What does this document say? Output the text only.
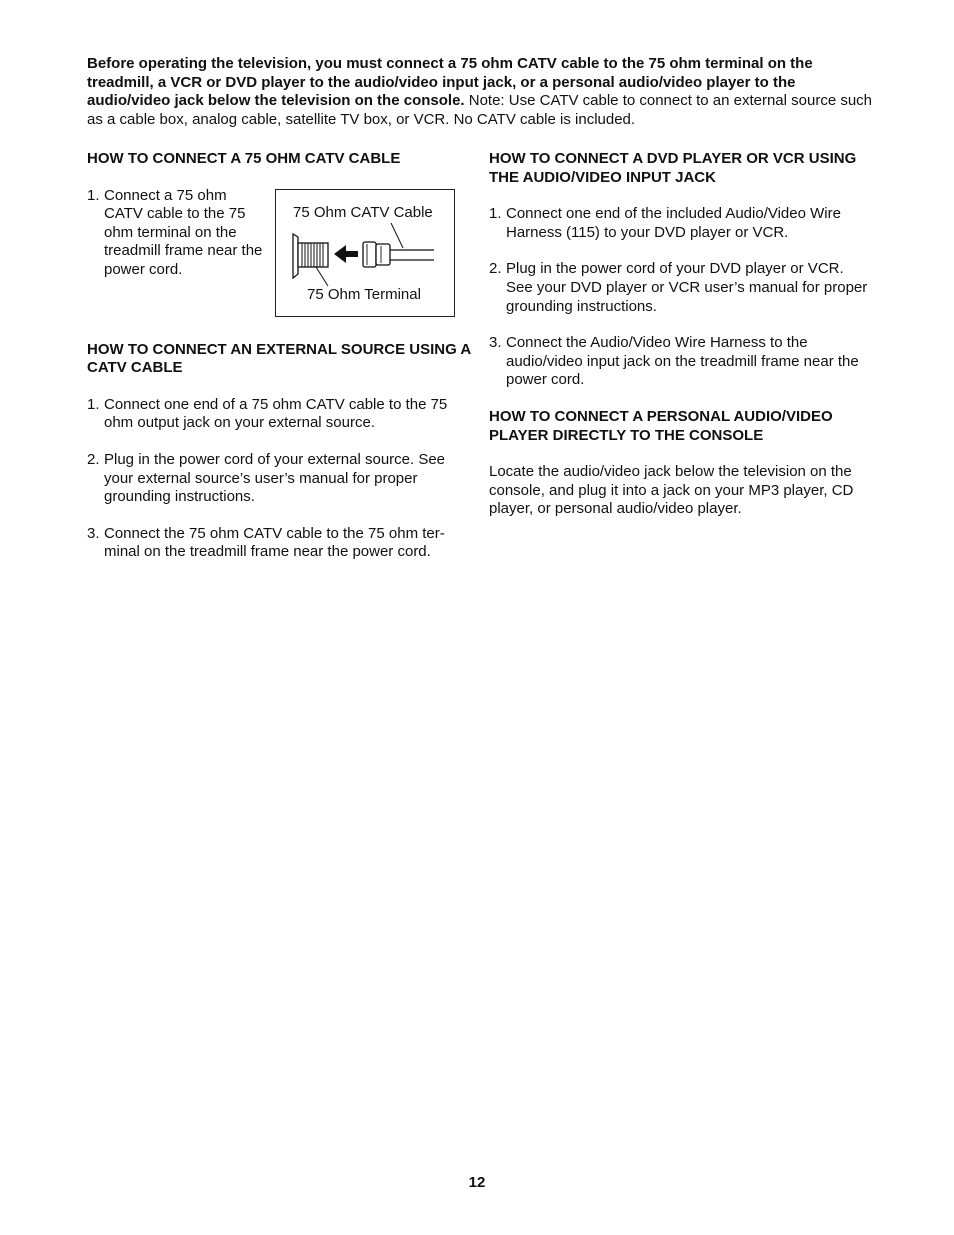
Before operating the television, you must connect a 75 ohm CATV cable to the 75 ohm terminal on the treadmill, a VCR or DVD player to the audio/video input jack, or a personal audio/video player to the audio/video jack below the television on the console. Note: Use CATV cable to connect to an external source such as a cable box, analog cable, satellite TV box, or VCR. No CATV cable is included.
HOW TO CONNECT A 75 OHM CATV CABLE
1. Connect a 75 ohm CATV cable to the 75 ohm terminal on the treadmill frame near the power cord.
75 Ohm CATV Cable
75 Ohm Terminal
HOW TO CONNECT AN EXTERNAL SOURCE USING A CATV CABLE
1. Connect one end of a 75 ohm CATV cable to the 75 ohm output jack on your external source.
2. Plug in the power cord of your external source. See your external source’s user’s manual for proper grounding instructions.
3. Connect the 75 ohm CATV cable to the 75 ohm ter-minal on the treadmill frame near the power cord.
HOW TO CONNECT A DVD PLAYER OR VCR USING THE AUDIO/VIDEO INPUT JACK
1. Connect one end of the included Audio/Video Wire Harness (115) to your DVD player or VCR.
2. Plug in the power cord of your DVD player or VCR. See your DVD player or VCR user’s manual for proper grounding instructions.
3. Connect the Audio/Video Wire Harness to the audio/video input jack on the treadmill frame near the power cord.
HOW TO CONNECT A PERSONAL AUDIO/VIDEO PLAYER DIRECTLY TO THE CONSOLE
Locate the audio/video jack below the television on the console, and plug it into a jack on your MP3 player, CD player, or personal audio/video player.
12
